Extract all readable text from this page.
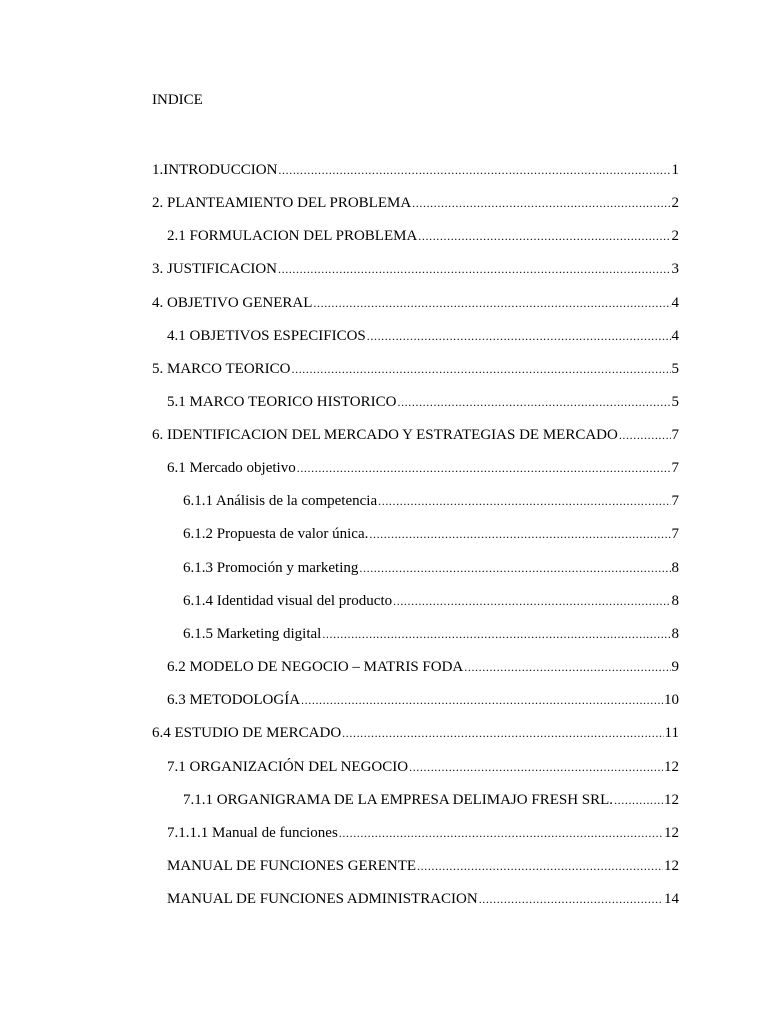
INDICE
1.INTRODUCCION .....	1
2. PLANTEAMIENTO DEL PROBLEMA .....	2
2.1 FORMULACION DEL PROBLEMA .....	2
3. JUSTIFICACION .....	3
4. OBJETIVO GENERAL .....	4
4.1 OBJETIVOS ESPECIFICOS .....	4
5. MARCO TEORICO .....	5
5.1 MARCO TEORICO HISTORICO .....	5
6. IDENTIFICACION DEL MERCADO Y ESTRATEGIAS DE MERCADO .....	7
6.1 Mercado objetivo .....	7
6.1.1 Análisis de la competencia .....	7
6.1.2 Propuesta de valor única. .....	7
6.1.3 Promoción y marketing .....	8
6.1.4 Identidad visual del producto .....	8
6.1.5 Marketing digital .....	8
6.2 MODELO DE NEGOCIO – MATRIS FODA .....	9
6.3 METODOLOGÍA .....	10
6.4 ESTUDIO DE MERCADO .....	11
7.1 ORGANIZACIÓN DEL NEGOCIO .....	12
7.1.1 ORGANIGRAMA DE LA EMPRESA DELIMAJO FRESH SRL. .....	12
7.1.1.1 Manual de funciones .....	12
MANUAL DE FUNCIONES GERENTE .....	12
MANUAL DE FUNCIONES ADMINISTRACION .....	14
